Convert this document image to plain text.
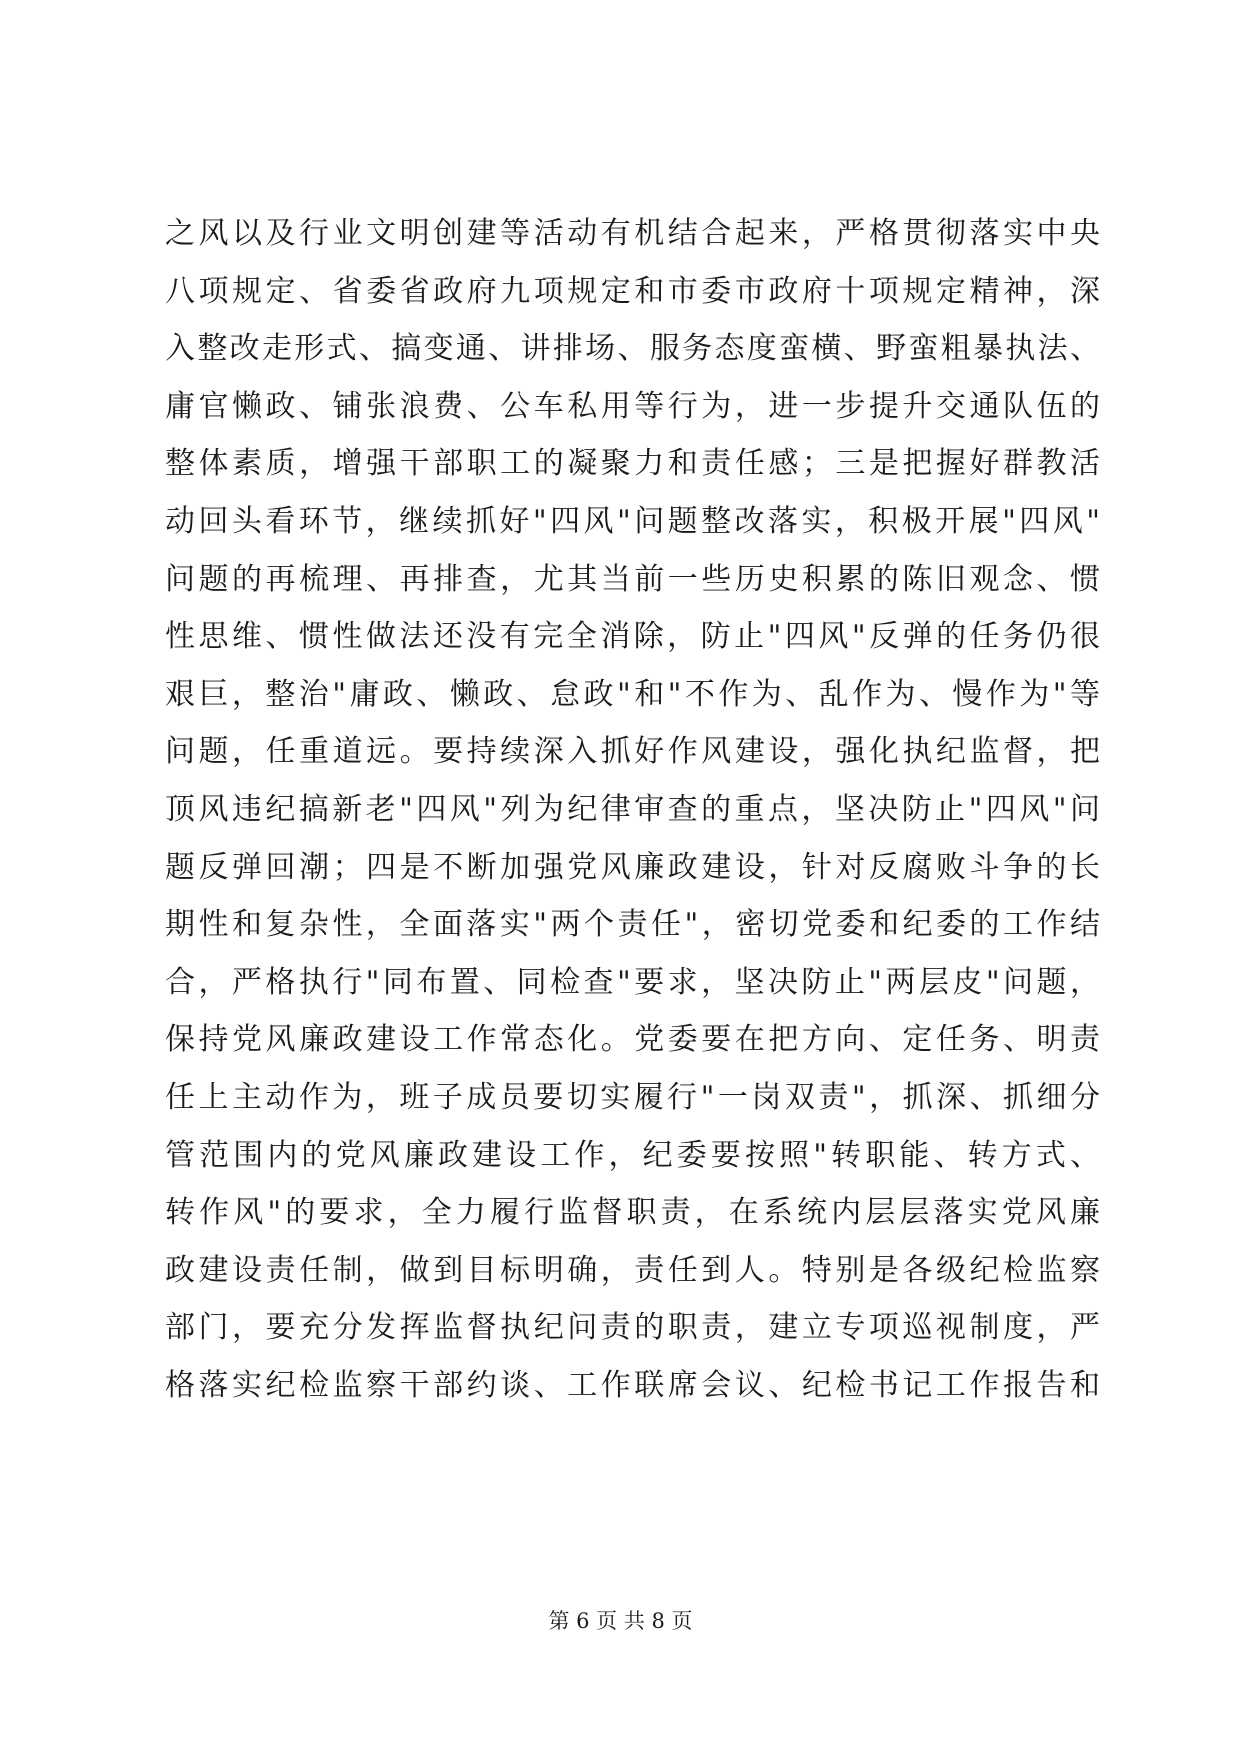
之风以及行业文明创建等活动有机结合起来，严格贯彻落实中央
八项规定、省委省政府九项规定和市委市政府十项规定精神，深
入整改走形式、搞变通、讲排场、服务态度蛮横、野蛮粗暴执法、
庸官懒政、铺张浪费、公车私用等行为，进一步提升交通队伍的
整体素质，增强干部职工的凝聚力和责任感；三是把握好群教活
动回头看环节，继续抓好"四风"问题整改落实，积极开展"四风"
问题的再梳理、再排查，尤其当前一些历史积累的陈旧观念、惯
性思维、惯性做法还没有完全消除，防止"四风"反弹的任务仍很
艰巨，整治"庸政、懒政、怠政"和"不作为、乱作为、慢作为"等
问题，任重道远。要持续深入抓好作风建设，强化执纪监督，把
顶风违纪搞新老"四风"列为纪律审查的重点，坚决防止"四风"问
题反弹回潮；四是不断加强党风廉政建设，针对反腐败斗争的长
期性和复杂性，全面落实"两个责任"，密切党委和纪委的工作结
合，严格执行"同布置、同检查"要求，坚决防止"两层皮"问题，
保持党风廉政建设工作常态化。党委要在把方向、定任务、明责
任上主动作为，班子成员要切实履行"一岗双责"，抓深、抓细分
管范围内的党风廉政建设工作，纪委要按照"转职能、转方式、
转作风"的要求，全力履行监督职责，在系统内层层落实党风廉
政建设责任制，做到目标明确，责任到人。特别是各级纪检监察
部门，要充分发挥监督执纪问责的职责，建立专项巡视制度，严
格落实纪检监察干部约谈、工作联席会议、纪检书记工作报告和
第 6 页 共 8 页
